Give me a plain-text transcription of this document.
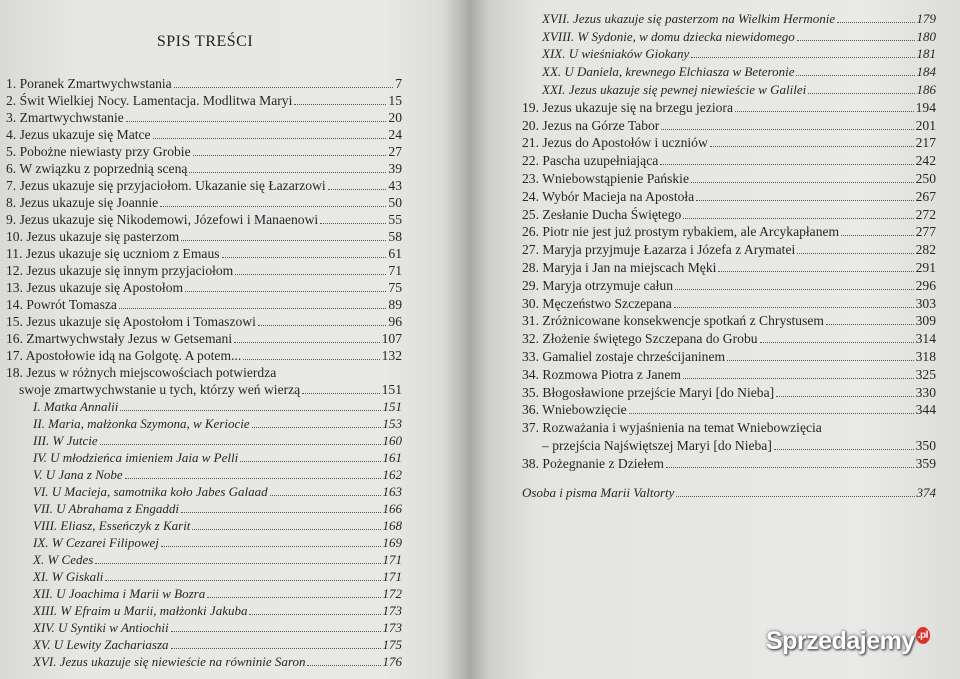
SPIS TREŚCI
1. Poranek Zmartwychwstania	7
2. Świt Wielkiej Nocy. Lamentacja. Modlitwa Maryi	15
3. Zmartwychwstanie	20
4. Jezus ukazuje się Matce	24
5. Pobożne niewiasty przy Grobie	27
6. W związku z poprzednią sceną	39
7. Jezus ukazuje się przyjaciołom. Ukazanie się Łazarzowi	43
8. Jezus ukazuje się Joannie	50
9. Jezus ukazuje się Nikodemowi, Józefowi i Manaenowi	55
10. Jezus ukazuje się pasterzom	58
11. Jezus ukazuje się uczniom z Emaus	61
12. Jezus ukazuje się innym przyjaciołom	71
13. Jezus ukazuje się Apostołom	75
14. Powrót Tomasza	89
15. Jezus ukazuje się Apostołom i Tomaszowi	96
16. Zmartwychwstały Jezus w Getsemani	107
17. Apostołowie idą na Golgotę. A potem...	132
18. Jezus w różnych miejscowościach potwierdza
swoje zmartwychwstanie u tych, którzy weń wierzą	151
I. Matka Annalii	151
II. Maria, małżonka Szymona, w Keriocie	153
III. W Jutcie	160
IV. U młodzieńca imieniem Jaia w Pelli	161
V. U Jana z Nobe	162
VI. U Macieja, samotnika koło Jabes Galaad	163
VII. U Abrahama z Engaddi	166
VIII. Eliasz, Esseńczyk z Karit	168
IX. W Cezarei Filipowej	169
X. W Cedes	171
XI. W Giskali	171
XII. U Joachima i Marii w Bozra	172
XIII. W Efraim u Marii, małżonki Jakuba	173
XIV. U Syntiki w Antiochii	173
XV. U Lewity Zachariasza	175
XVI. Jezus ukazuje się niewieście na równinie Saron	176
XVII. Jezus ukazuje się pasterzom na Wielkim Hermonie	179
XVIII. W Sydonie, w domu dziecka niewidomego	180
XIX. U wieśniaków Giokany	181
XX. U Daniela, krewnego Elchiasza w Beteronie	184
XXI. Jezus ukazuje się pewnej niewieście w Galilei	186
19. Jezus ukazuje się na brzegu jeziora	194
20. Jezus na Górze Tabor	201
21. Jezus do Apostołów i uczniów	217
22. Pascha uzupełniająca	242
23. Wniebowstąpienie Pańskie	250
24. Wybór Macieja na Apostoła	267
25. Zesłanie Ducha Świętego	272
26. Piotr nie jest już prostym rybakiem, ale Arcykapłanem	277
27. Maryja przyjmuje Łazarza i Józefa z Arymatei	282
28. Maryja i Jan na miejscach Męki	291
29. Maryja otrzymuje całun	296
30. Męczeństwo Szczepana	303
31. Zróżnicowane konsekwencje spotkań z Chrystusem	309
32. Złożenie świętego Szczepana do Grobu	314
33. Gamaliel zostaje chrześcijaninem	318
34. Rozmowa Piotra z Janem	325
35. Błogosławione przejście Maryi [do Nieba]	330
36. Wniebowzięcie	344
37. Rozważania i wyjaśnienia na temat Wniebowzięcia
– przejścia Najświętszej Maryi [do Nieba]	350
38. Pożegnanie z Dziełem	359
Osoba i pisma Marii Valtorty	374
Sprzedajemy .pl
